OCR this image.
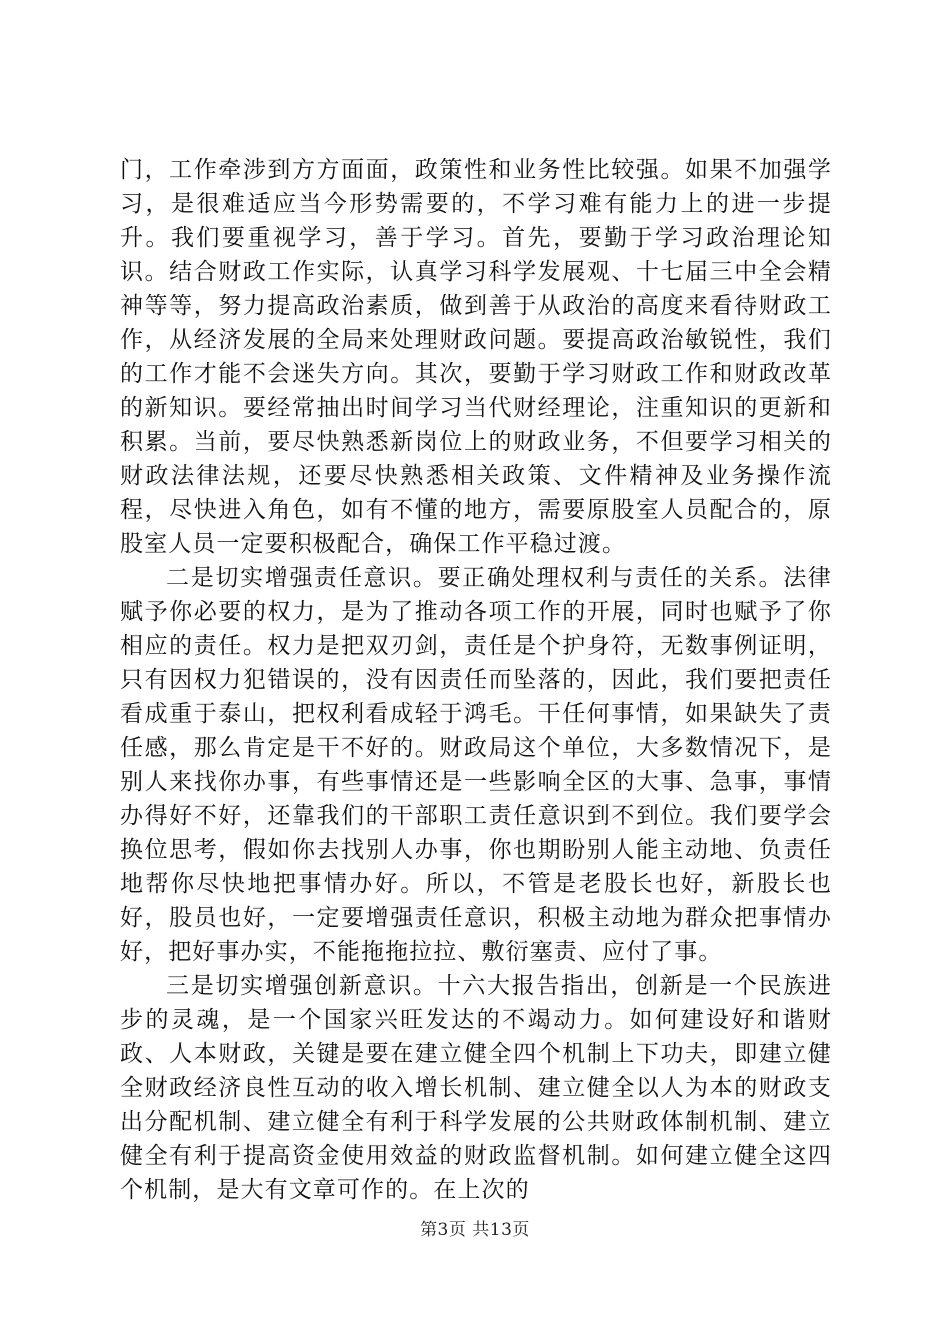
门，工作牵涉到方方面面，政策性和业务性比较强。如果不加强学习，是很难适应当今形势需要的，不学习难有能力上的进一步提升。我们要重视学习，善于学习。首先，要勤于学习政治理论知识。结合财政工作实际，认真学习科学发展观、十七届三中全会精神等等，努力提高政治素质，做到善于从政治的高度来看待财政工作，从经济发展的全局来处理财政问题。要提高政治敏锐性，我们的工作才能不会迷失方向。其次，要勤于学习财政工作和财政改革的新知识。要经常抽出时间学习当代财经理论，注重知识的更新和积累。当前，要尽快熟悉新岗位上的财政业务，不但要学习相关的财政法律法规，还要尽快熟悉相关政策、文件精神及业务操作流程，尽快进入角色，如有不懂的地方，需要原股室人员配合的，原股室人员一定要积极配合，确保工作平稳过渡。

二是切实增强责任意识。要正确处理权利与责任的关系。法律赋予你必要的权力，是为了推动各项工作的开展，同时也赋予了你相应的责任。权力是把双刃剑，责任是个护身符，无数事例证明，只有因权力犯错误的，没有因责任而坠落的，因此，我们要把责任看成重于泰山，把权利看成轻于鸿毛。干任何事情，如果缺失了责任感，那么肯定是干不好的。财政局这个单位，大多数情况下，是别人来找你办事，有些事情还是一些影响全区的大事、急事，事情办得好不好，还靠我们的干部职工责任意识到不到位。我们要学会换位思考，假如你去找别人办事，你也期盼别人能主动地、负责任地帮你尽快地把事情办好。所以，不管是老股长也好，新股长也好，股员也好，一定要增强责任意识，积极主动地为群众把事情办好，把好事办实，不能拖拖拉拉、敷衍塞责、应付了事。

三是切实增强创新意识。十六大报告指出，创新是一个民族进步的灵魂，是一个国家兴旺发达的不竭动力。如何建设好和谐财政、人本财政，关键是要在建立健全四个机制上下功夫，即建立健全财政经济良性互动的收入增长机制、建立健全以人为本的财政支出分配机制、建立健全有利于科学发展的公共财政体制机制、建立健全有利于提高资金使用效益的财政监督机制。如何建立健全这四个机制，是大有文章可作的。在上次的

第3页 共13页
